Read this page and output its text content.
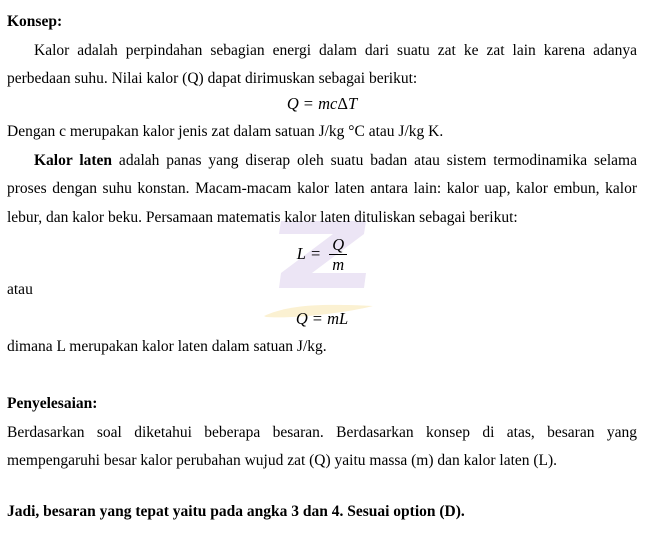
Konsep:
Kalor adalah perpindahan sebagian energi dalam dari suatu zat ke zat lain karena adanya
perbedaan suhu. Nilai kalor (Q) dapat dirimuskan sebagai berikut:
Q = mcΔT
Dengan c merupakan kalor jenis zat dalam satuan J/kg °C atau J/kg K.
Kalor laten adalah panas yang diserap oleh suatu badan atau sistem termodinamika selama
proses dengan suhu konstan. Macam-macam kalor laten antara lain: kalor uap, kalor embun, kalor
lebur, dan kalor beku. Persamaan matematis kalor laten dituliskan sebagai berikut:
$L = \frac{Q}{m}$
atau
Q = mL
dimana L merupakan kalor laten dalam satuan J/kg.
Penyelesaian:
Berdasarkan soal diketahui beberapa besaran. Berdasarkan konsep di atas, besaran yang
mempengaruhi besar kalor perubahan wujud zat (Q) yaitu massa (m) dan kalor laten (L).
Jadi, besaran yang tepat yaitu pada angka 3 dan 4. Sesuai option (D).
